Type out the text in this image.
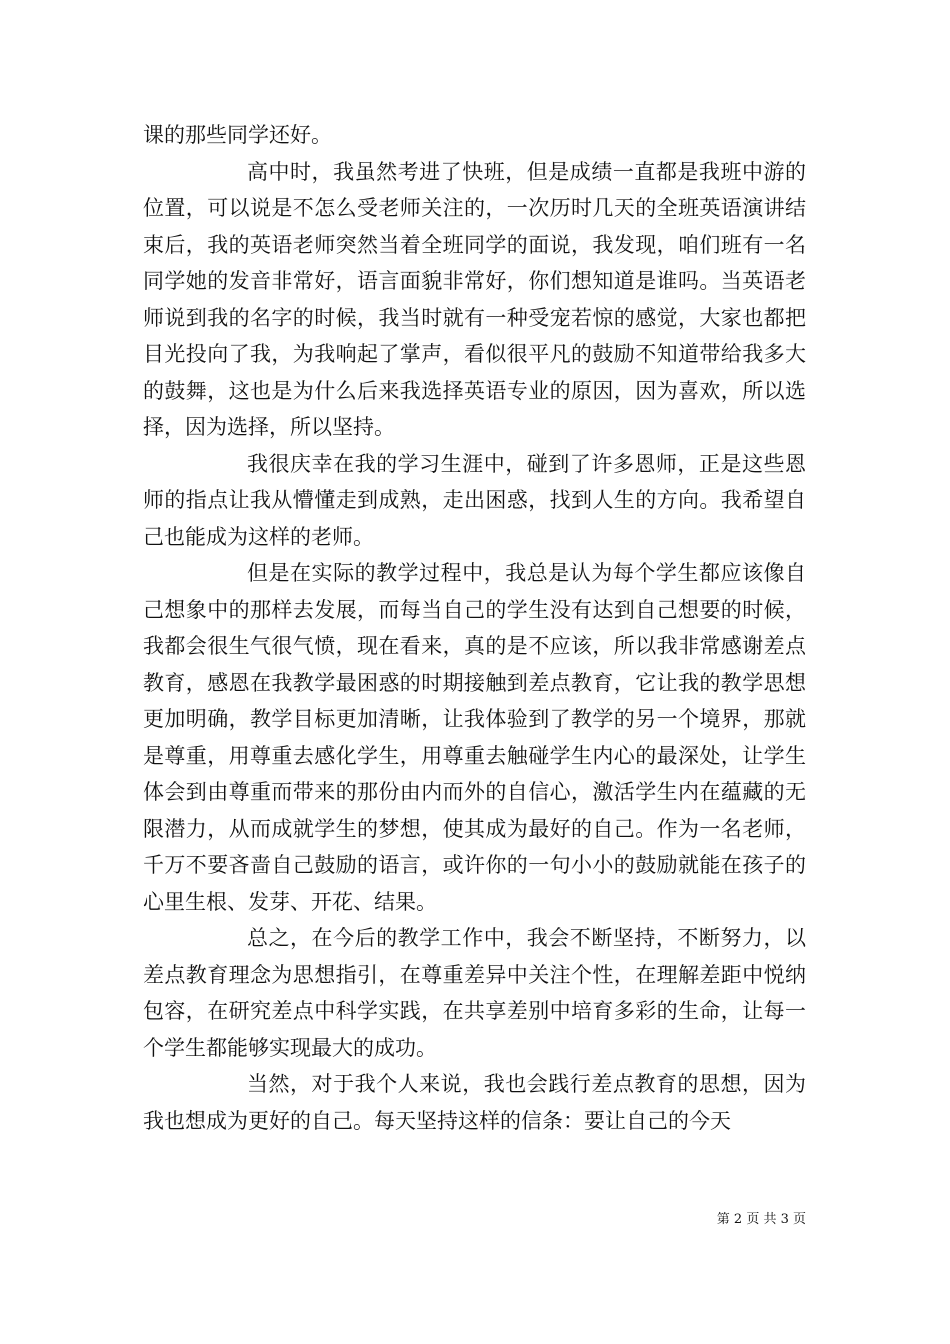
课的那些同学还好。

高中时，我虽然考进了快班，但是成绩一直都是我班中游的位置，可以说是不怎么受老师关注的，一次历时几天的全班英语演讲结束后，我的英语老师突然当着全班同学的面说，我发现，咱们班有一名同学她的发音非常好，语言面貌非常好，你们想知道是谁吗。当英语老师说到我的名字的时候，我当时就有一种受宠若惊的感觉，大家也都把目光投向了我，为我响起了掌声，看似很平凡的鼓励不知道带给我多大的鼓舞，这也是为什么后来我选择英语专业的原因，因为喜欢，所以选择，因为选择，所以坚持。

我很庆幸在我的学习生涯中，碰到了许多恩师，正是这些恩师的指点让我从懵懂走到成熟，走出困惑，找到人生的方向。我希望自己也能成为这样的老师。

但是在实际的教学过程中，我总是认为每个学生都应该像自己想象中的那样去发展，而每当自己的学生没有达到自己想要的时候，我都会很生气很气愤，现在看来，真的是不应该，所以我非常感谢差点教育，感恩在我教学最困惑的时期接触到差点教育，它让我的教学思想更加明确，教学目标更加清晰，让我体验到了教学的另一个境界，那就是尊重，用尊重去感化学生，用尊重去触碰学生内心的最深处，让学生体会到由尊重而带来的那份由内而外的自信心，激活学生内在蕴藏的无限潜力，从而成就学生的梦想，使其成为最好的自己。作为一名老师，千万不要吝啬自己鼓励的语言，或许你的一句小小的鼓励就能在孩子的心里生根、发芽、开花、结果。

总之，在今后的教学工作中，我会不断坚持，不断努力，以差点教育理念为思想指引，在尊重差异中关注个性，在理解差距中悦纳包容，在研究差点中科学实践，在共享差别中培育多彩的生命，让每一个学生都能够实现最大的成功。

当然，对于我个人来说，我也会践行差点教育的思想，因为我也想成为更好的自己。每天坚持这样的信条：要让自己的今天

第 2 页 共 3 页
